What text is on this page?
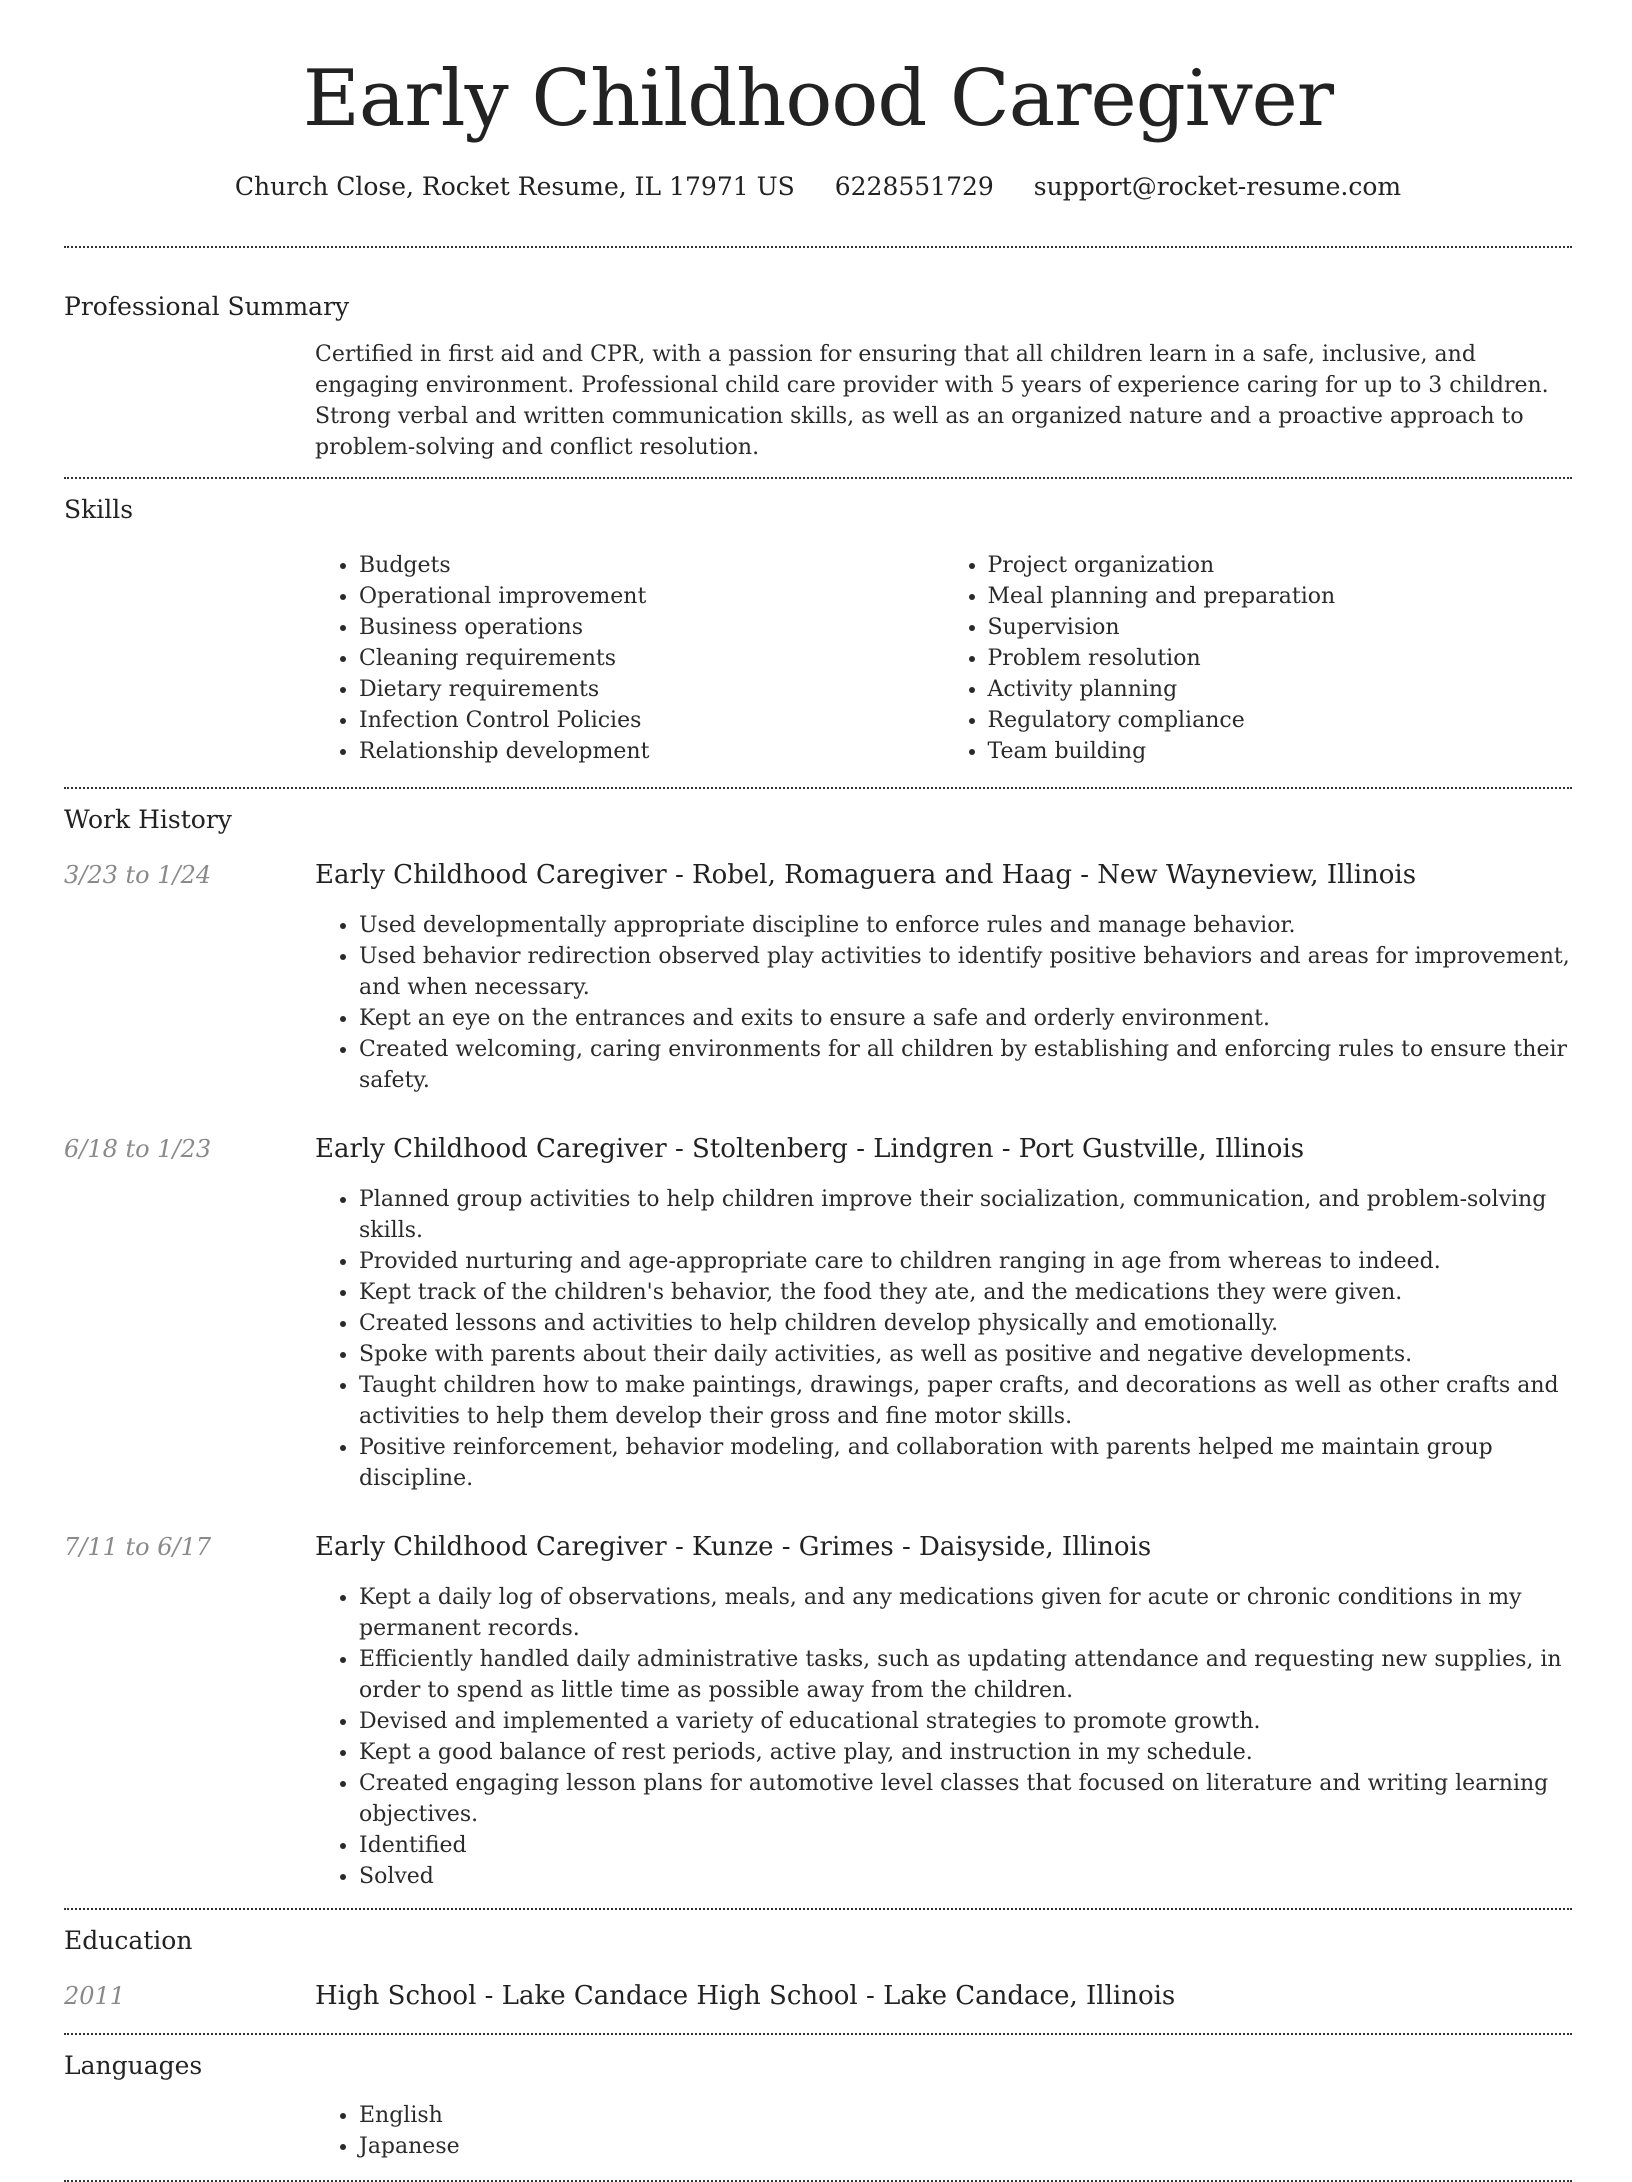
Early Childhood Caregiver
Church Close, Rocket Resume, IL 17971 US 6228551729 support@rocket-resume.com
Professional Summary
Certified in first aid and CPR, with a passion for ensuring that all children learn in a safe, inclusive, and engaging environment. Professional child care provider with 5 years of experience caring for up to 3 children. Strong verbal and written communication skills, as well as an organized nature and a proactive approach to problem-solving and conflict resolution.
Skills
• Budgets
• Operational improvement
• Business operations
• Cleaning requirements
• Dietary requirements
• Infection Control Policies
• Relationship development
• Project organization
• Meal planning and preparation
• Supervision
• Problem resolution
• Activity planning
• Regulatory compliance
• Team building
Work History
3/23 to 1/24	Early Childhood Caregiver - Robel, Romaguera and Haag - New Wayneview, Illinois
• Used developmentally appropriate discipline to enforce rules and manage behavior.
• Used behavior redirection observed play activities to identify positive behaviors and areas for improvement, and when necessary.
• Kept an eye on the entrances and exits to ensure a safe and orderly environment.
• Created welcoming, caring environments for all children by establishing and enforcing rules to ensure their safety.
6/18 to 1/23	Early Childhood Caregiver - Stoltenberg - Lindgren - Port Gustville, Illinois
• Planned group activities to help children improve their socialization, communication, and problem-solving skills.
• Provided nurturing and age-appropriate care to children ranging in age from whereas to indeed.
• Kept track of the children's behavior, the food they ate, and the medications they were given.
• Created lessons and activities to help children develop physically and emotionally.
• Spoke with parents about their daily activities, as well as positive and negative developments.
• Taught children how to make paintings, drawings, paper crafts, and decorations as well as other crafts and activities to help them develop their gross and fine motor skills.
• Positive reinforcement, behavior modeling, and collaboration with parents helped me maintain group discipline.
7/11 to 6/17	Early Childhood Caregiver - Kunze - Grimes - Daisyside, Illinois
• Kept a daily log of observations, meals, and any medications given for acute or chronic conditions in my permanent records.
• Efficiently handled daily administrative tasks, such as updating attendance and requesting new supplies, in order to spend as little time as possible away from the children.
• Devised and implemented a variety of educational strategies to promote growth.
• Kept a good balance of rest periods, active play, and instruction in my schedule.
• Created engaging lesson plans for automotive level classes that focused on literature and writing learning objectives.
• Identified
• Solved
Education
2011	High School - Lake Candace High School - Lake Candace, Illinois
Languages
• English
• Japanese
